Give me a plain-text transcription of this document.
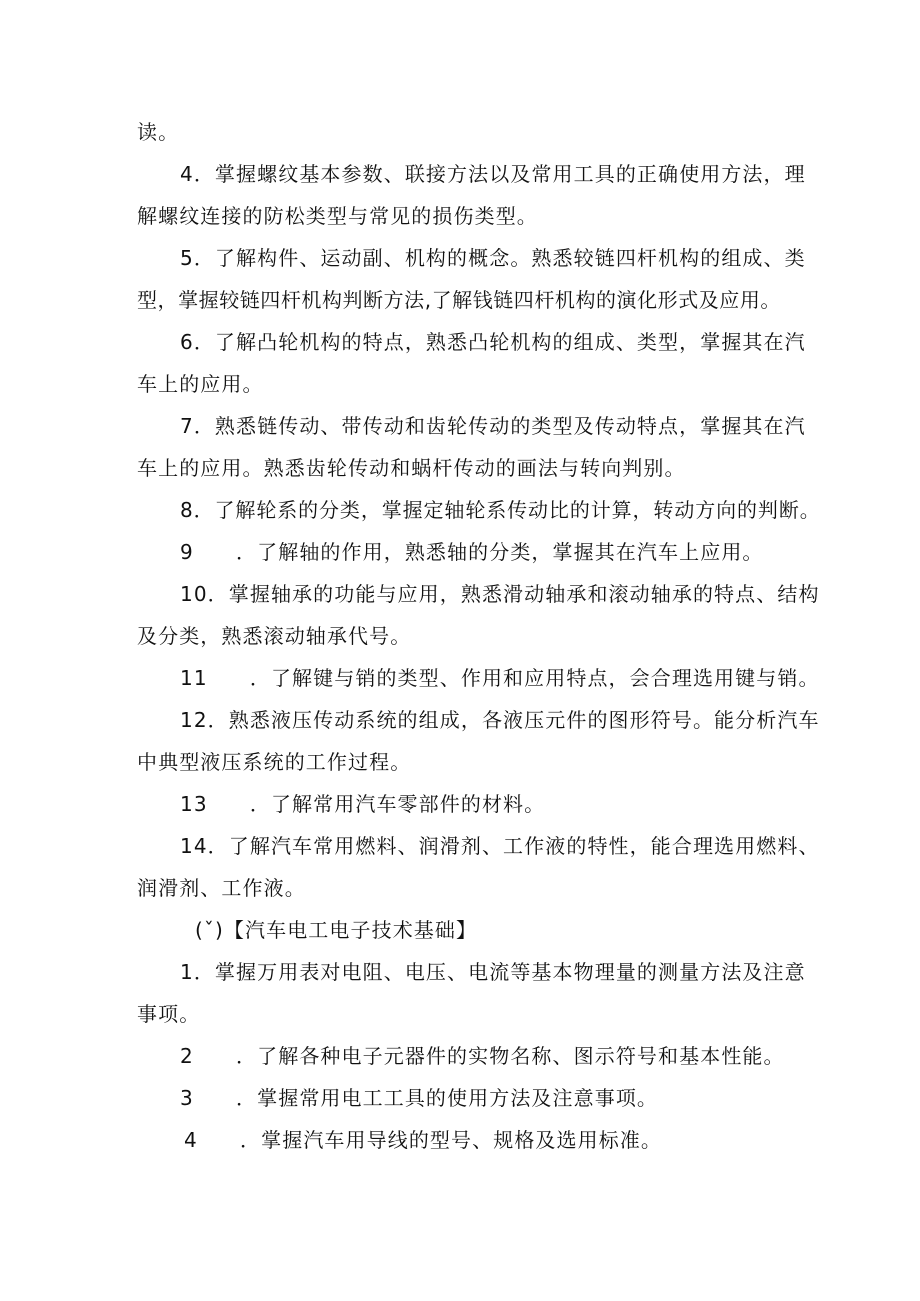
读。
4．掌握螺纹基本参数、联接方法以及常用工具的正确使用方法，理
解螺纹连接的防松类型与常见的损伤类型。
5．了解构件、运动副、机构的概念。熟悉较链四杆机构的组成、类
型，掌握较链四杆机构判断方法,了解钱链四杆机构的演化形式及应用。
6．了解凸轮机构的特点，熟悉凸轮机构的组成、类型，掌握其在汽
车上的应用。
7．熟悉链传动、带传动和齿轮传动的类型及传动特点，掌握其在汽
车上的应用。熟悉齿轮传动和蜗杆传动的画法与转向判别。
8．了解轮系的分类，掌握定轴轮系传动比的计算，转动方向的判断。
9　　．了解轴的作用，熟悉轴的分类，掌握其在汽车上应用。
10．掌握轴承的功能与应用，熟悉滑动轴承和滚动轴承的特点、结构
及分类，熟悉滚动轴承代号。
11　　．了解键与销的类型、作用和应用特点，会合理选用键与销。
12．熟悉液压传动系统的组成，各液压元件的图形符号。能分析汽车
中典型液压系统的工作过程。
13　　．了解常用汽车零部件的材料。
14．了解汽车常用燃料、润滑剂、工作液的特性，能合理选用燃料、
润滑剂、工作液。
(ˇ)【汽车电工电子技术基础】
1．掌握万用表对电阻、电压、电流等基本物理量的测量方法及注意
事项。
2　　．了解各种电子元器件的实物名称、图示符号和基本性能。
3　　．掌握常用电工工具的使用方法及注意事项。
4　　．掌握汽车用导线的型号、规格及选用标准。
